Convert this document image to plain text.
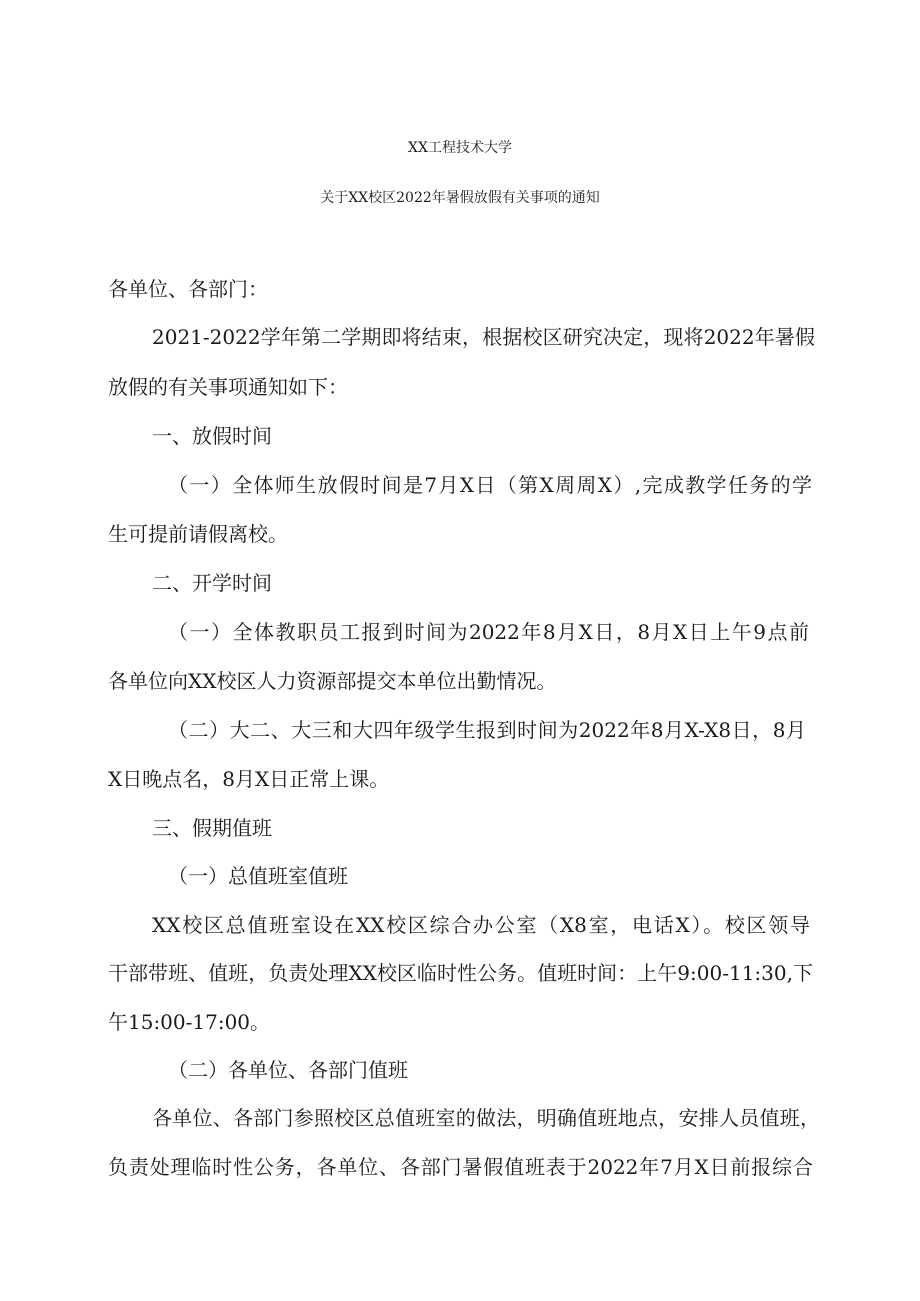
XX工程技术大学
关于XX校区2022年暑假放假有关事项的通知
各单位、各部门：
2021-2022学年第二学期即将结束，根据校区研究决定，现将2022年暑假
放假的有关事项通知如下：
一、放假时间
（一）全体师生放假时间是7月X日（第X周周X）,完成教学任务的学
生可提前请假离校。
二、开学时间
（一）全体教职员工报到时间为2022年8月X日，8月X日上午9点前
各单位向XX校区人力资源部提交本单位出勤情况。
（二）大二、大三和大四年级学生报到时间为2022年8月X-X8日，8月
X日晚点名，8月X日正常上课。
三、假期值班
（一）总值班室值班
XX校区总值班室设在XX校区综合办公室（X8室，电话X）。校区领导
干部带班、值班，负责处理XX校区临时性公务。值班时间：上午9:00-11:30,下
午15:00-17:00。
（二）各单位、各部门值班
各单位、各部门参照校区总值班室的做法，明确值班地点，安排人员值班，
负责处理临时性公务，各单位、各部门暑假值班表于2022年7月X日前报综合
